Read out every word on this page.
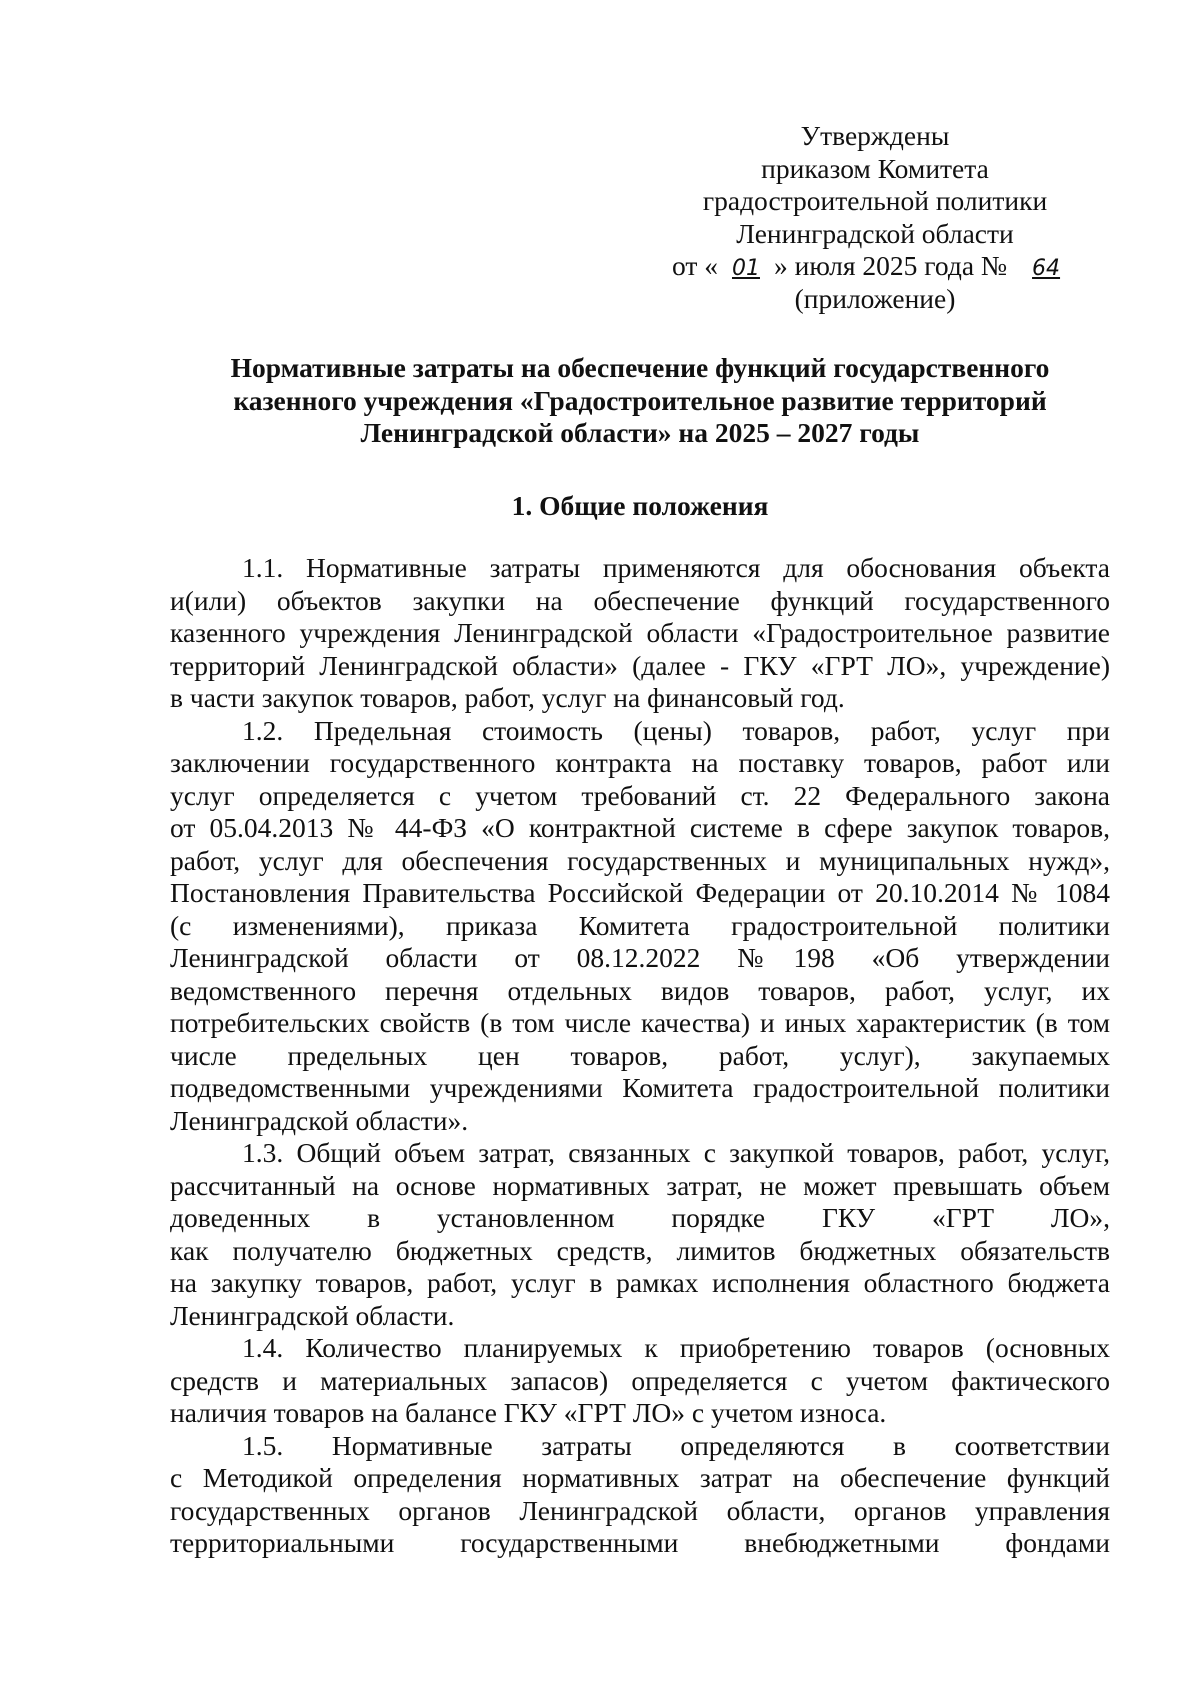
Утверждены
приказом Комитета
градостроительной политики
Ленинградской области
от « 01 » июля 2025 года № 64
(приложение)
Нормативные затраты на обеспечение функций государственного
казенного учреждения «Градостроительное развитие территорий
Ленинградской области» на 2025 – 2027 годы
1. Общие положения
1.1. Нормативные затраты применяются для обоснования объекта
и(или) объектов закупки на обеспечение функций государственного
казенного учреждения Ленинградской области «Градостроительное развитие
территорий Ленинградской области» (далее - ГКУ «ГРТ ЛО», учреждение)
в части закупок товаров, работ, услуг на финансовый год.
1.2. Предельная стоимость (цены) товаров, работ, услуг при
заключении государственного контракта на поставку товаров, работ или
услуг определяется с учетом требований ст. 22 Федерального закона
от 05.04.2013 № 44-ФЗ «О контрактной системе в сфере закупок товаров,
работ, услуг для обеспечения государственных и муниципальных нужд»,
Постановления Правительства Российской Федерации от 20.10.2014 № 1084
(с изменениями), приказа Комитета градостроительной политики
Ленинградской области от 08.12.2022 №198 «Об утверждении
ведомственного перечня отдельных видов товаров, работ, услуг, их
потребительских свойств (в том числе качества) и иных характеристик (в том
числе предельных цен товаров, работ, услуг), закупаемых
подведомственными учреждениями Комитета градостроительной политики
Ленинградской области».
1.3. Общий объем затрат, связанных с закупкой товаров, работ, услуг,
рассчитанный на основе нормативных затрат, не может превышать объем
доведенных в установленном порядке ГКУ «ГРТ ЛО»,
как получателю бюджетных средств, лимитов бюджетных обязательств
на закупку товаров, работ, услуг в рамках исполнения областного бюджета
Ленинградской области.
1.4. Количество планируемых к приобретению товаров (основных
средств и материальных запасов) определяется с учетом фактического
наличия товаров на балансе ГКУ «ГРТ ЛО» с учетом износа.
1.5. Нормативные затраты определяются в соответствии
с Методикой определения нормативных затрат на обеспечение функций
государственных органов Ленинградской области, органов управления
территориальными государственными внебюджетными фондами
